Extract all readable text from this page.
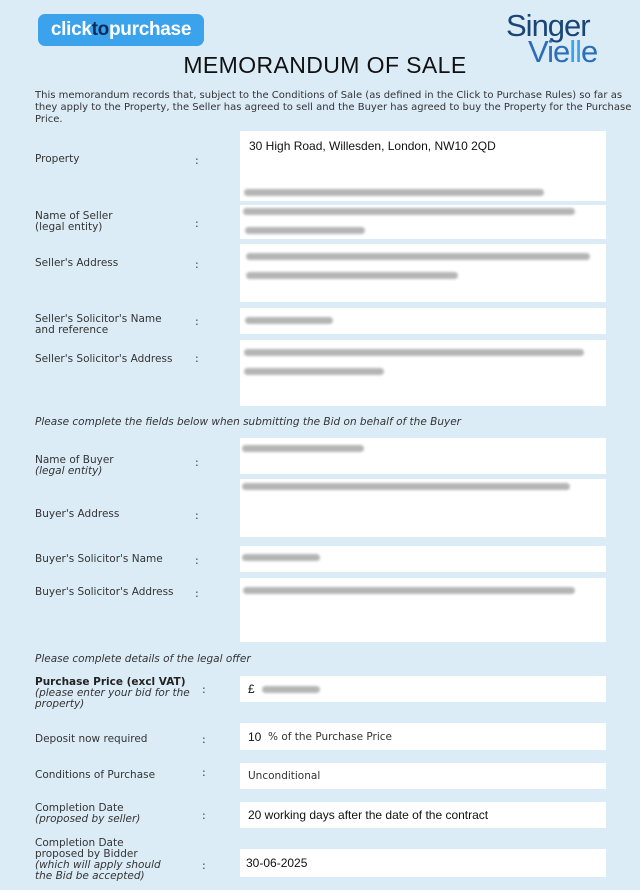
clicktopurchase	Singer
Vielle
MEMORANDUM OF SALE
This memorandum records that, subject to the Conditions of Sale (as defined in the Click to Purchase Rules) so far as they apply to the Property, the Seller has agreed to sell and the Buyer has agreed to buy the Property for the Purchase Price.
Property	:
30 High Road, Willesden, London, NW10 2QD
Name of Seller
(legal entity)	:
Seller's Address	:
Seller's Solicitor's Name
and reference
:
Seller's Solicitor's Address :
Please complete the fields below when submitting the Bid on behalf of the Buyer
Name of Buyer
(legal entity)
:
Buyer's Address	:
Buyer's Solicitor's Name	:
Buyer's Solicitor's Address :
Please complete details of the legal offer
Purchase Price (excl VAT)
(please enter your bid for the
property)
:	£
Deposit now required	:	10 % of the Purchase Price
Conditions of Purchase	:	Unconditional
Completion Date
(proposed by seller)	:	20 working days after the date of the contract
Completion Date
proposed by Bidder
(which will apply should
the Bid be accepted)
:	30-06-2025
